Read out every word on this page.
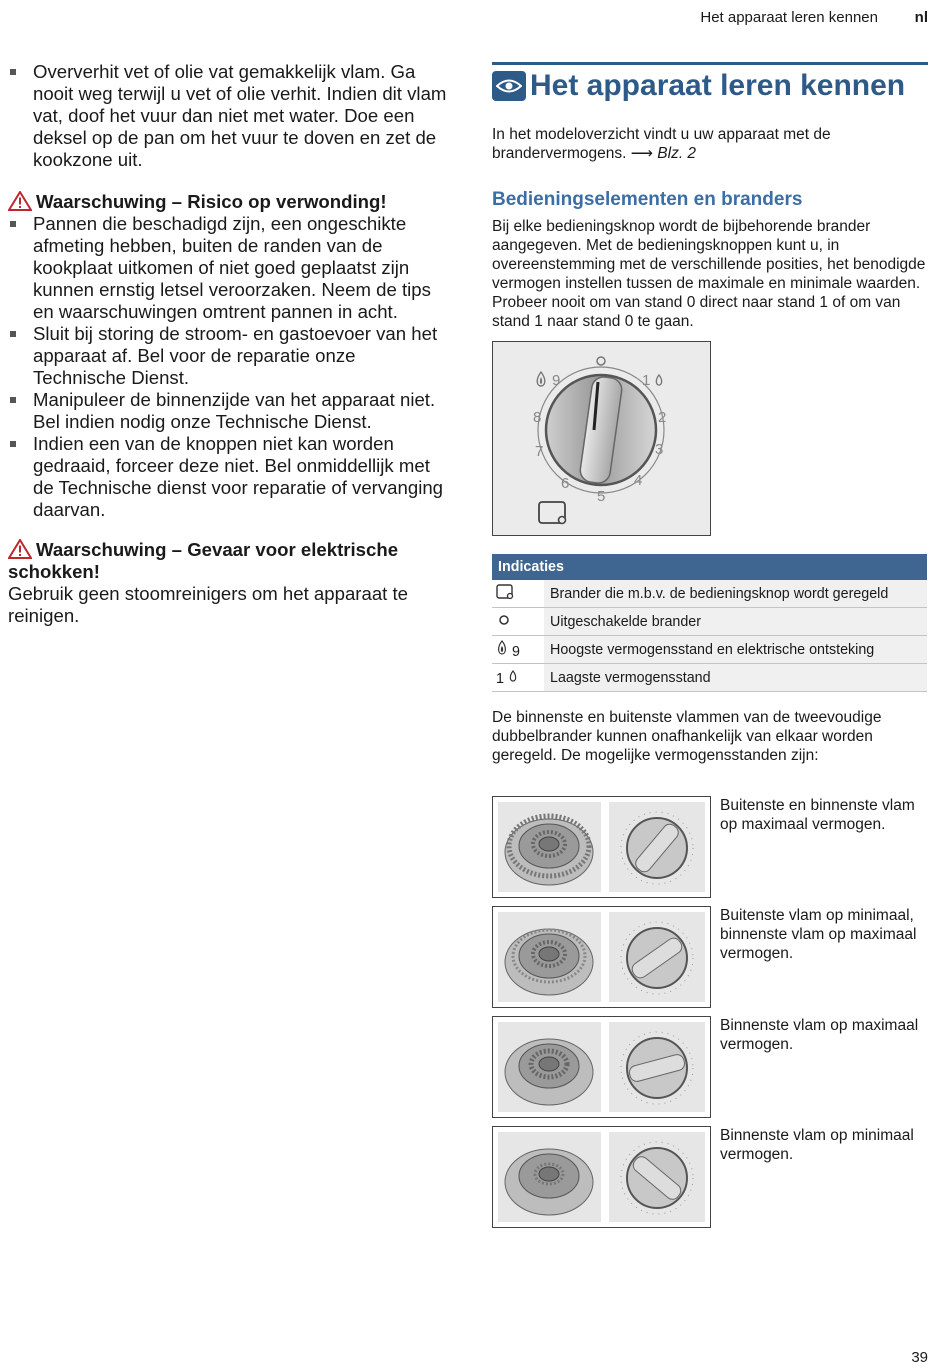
Het apparaat leren kennen nl
Oververhit vet of olie vat gemakkelijk vlam. Ga nooit weg terwijl u vet of olie verhit. Indien dit vlam vat, doof het vuur dan niet met water. Doe een deksel op de pan om het vuur te doven en zet de kookzone uit.
Waarschuwing – Risico op verwonding!
Pannen die beschadigd zijn, een ongeschikte afmeting hebben, buiten de randen van de kookplaat uitkomen of niet goed geplaatst zijn kunnen ernstig letsel veroorzaken. Neem de tips en waarschuwingen omtrent pannen in acht.
Sluit bij storing de stroom- en gastoevoer van het apparaat af. Bel voor de reparatie onze Technische Dienst.
Manipuleer de binnenzijde van het apparaat niet. Bel indien nodig onze Technische Dienst.
Indien een van de knoppen niet kan worden gedraaid, forceer deze niet. Bel onmiddellijk met de Technische dienst voor reparatie of vervanging daarvan.
Waarschuwing – Gevaar voor elektrische schokken!
Gebruik geen stoomreinigers om het apparaat te reinigen.
Het apparaat leren kennen
In het modeloverzicht vindt u uw apparaat met de brandervermogens. ⟶ Blz. 2
Bedieningselementen en branders
Bij elke bedieningsknop wordt de bijbehorende brander aangegeven. Met de bedieningsknoppen kunt u, in overeenstemming met de verschillende posities, het benodigde vermogen instellen tussen de maximale en minimale waarden. Probeer nooit om van stand 0 direct naar stand 1 of om van stand 1 naar stand 0 te gaan.
9
8
7
6
5
4
3
2
1
Indicaties	
	Brander die m.b.v. de bedieningsknop wordt geregeld
	Uitgeschakelde brander
9	Hoogste vermogensstand en elektrische ontsteking
1	Laagste vermogensstand
De binnenste en buitenste vlammen van de tweevoudige dubbelbrander kunnen onafhankelijk van elkaar worden geregeld. De mogelijke vermogensstanden zijn:
Buitenste en binnenste vlam op maximaal vermogen.
Buitenste vlam op minimaal, binnenste vlam op maximaal vermogen.
Binnenste vlam op maximaal vermogen.
Binnenste vlam op minimaal vermogen.
39
